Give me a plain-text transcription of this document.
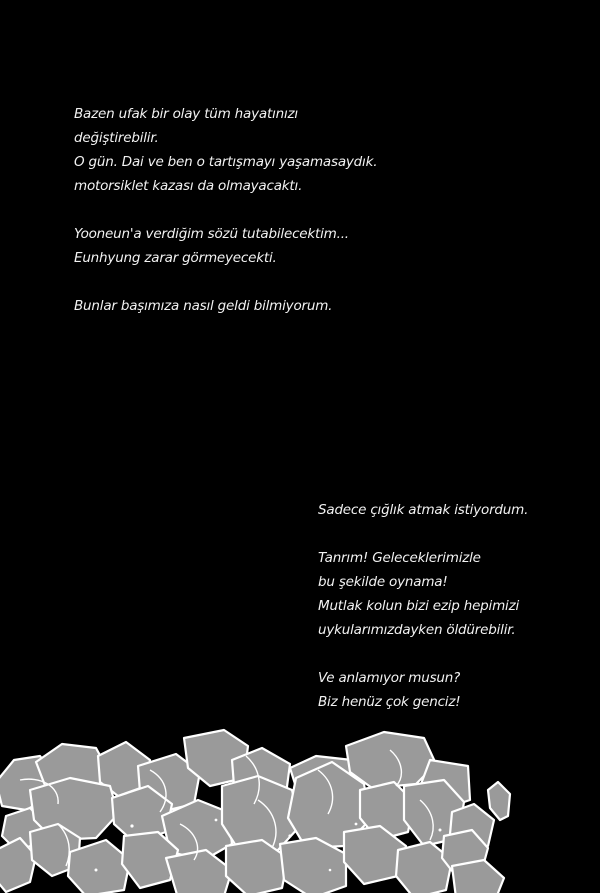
Bazen ufak bir olay tüm hayatınızı
değiştirebilir.
O gün. Dai ve ben o tartışmayı yaşamasaydık.
motorsiklet kazası da olmayacaktı.
Yooneun'a verdiğim sözü tutabilecektim...
Eunhyung zarar görmeyecekti.
Bunlar başımıza nasıl geldi bilmiyorum.
Sadece çığlık atmak istiyordum.
Tanrım! Geleceklerimizle
bu şekilde oynama!
Mutlak kolun bizi ezip hepimizi
uykularımızdayken öldürebilir.
Ve anlamıyor musun?
Biz henüz çok genciz!
